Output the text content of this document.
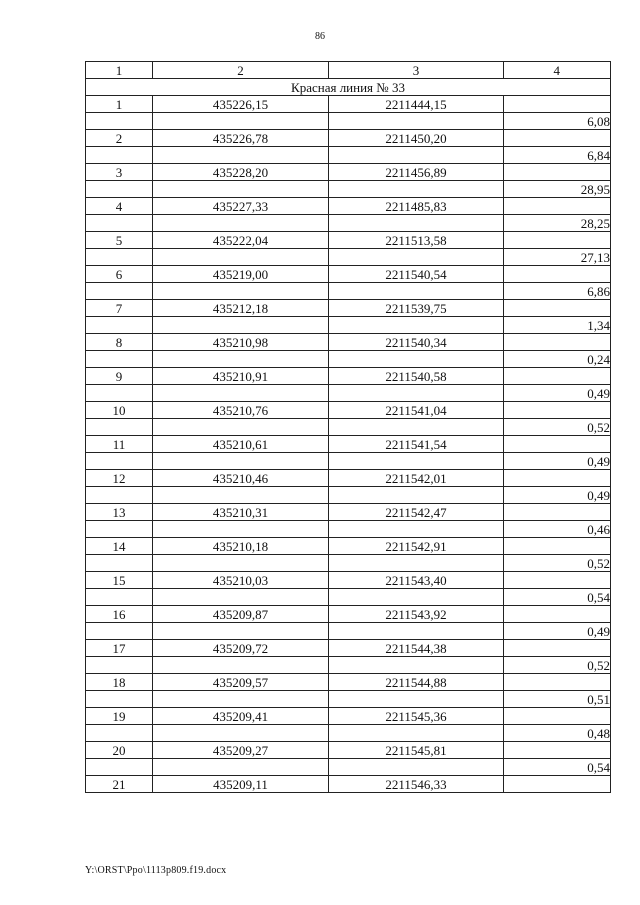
86
1	2	3	4
Красная линия № 33			
1	435226,15	2211444,15	
			6,08
2	435226,78	2211450,20	
			6,84
3	435228,20	2211456,89	
			28,95
4	435227,33	2211485,83	
			28,25
5	435222,04	2211513,58	
			27,13
6	435219,00	2211540,54	
			6,86
7	435212,18	2211539,75	
			1,34
8	435210,98	2211540,34	
			0,24
9	435210,91	2211540,58	
			0,49
10	435210,76	2211541,04	
			0,52
11	435210,61	2211541,54	
			0,49
12	435210,46	2211542,01	
			0,49
13	435210,31	2211542,47	
			0,46
14	435210,18	2211542,91	
			0,52
15	435210,03	2211543,40	
			0,54
16	435209,87	2211543,92	
			0,49
17	435209,72	2211544,38	
			0,52
18	435209,57	2211544,88	
			0,51
19	435209,41	2211545,36	
			0,48
20	435209,27	2211545,81	
			0,54
21	435209,11	2211546,33	
Y:\ORST\Ppo\1113p809.f19.docx
